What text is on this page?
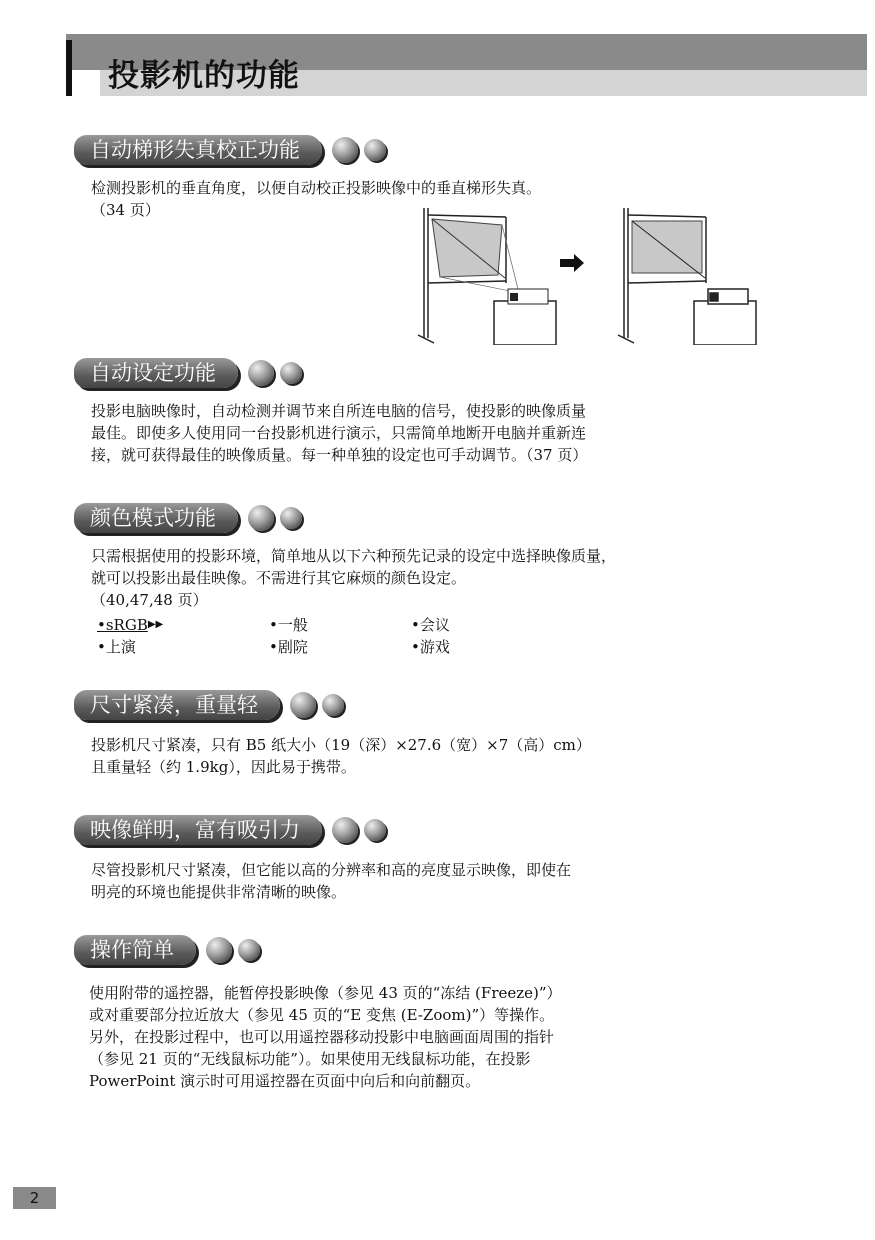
投影机的功能
自动梯形失真校正功能
检测投影机的垂直角度，以便自动校正投影映像中的垂直梯形失真。
（34 页）
自动设定功能
投影电脑映像时，自动检测并调节来自所连电脑的信号，使投影的映像质量
最佳。即使多人使用同一台投影机进行演示，只需简单地断开电脑并重新连
接，就可获得最佳的映像质量。每一种单独的设定也可手动调节。（37 页）
颜色模式功能
只需根据使用的投影环境，简单地从以下六种预先记录的设定中选择映像质量，
就可以投影出最佳映像。不需进行其它麻烦的颜色设定。
（40,47,48 页）
•sRGB▶▶	•一般	•会议
•上演	•剧院	•游戏
尺寸紧凑，重量轻
投影机尺寸紧凑，只有 B5 纸大小（19（深）×27.6（宽）×7（高）cm）
且重量轻（约 1.9kg），因此易于携带。
映像鲜明，富有吸引力
尽管投影机尺寸紧凑，但它能以高的分辨率和高的亮度显示映像，即使在
明亮的环境也能提供非常清晰的映像。
操作简单
使用附带的遥控器，能暂停投影映像（参见 43 页的“冻结 (Freeze)”）
或对重要部分拉近放大（参见 45 页的“E 变焦 (E-Zoom)”）等操作。
另外，在投影过程中，也可以用遥控器移动投影中电脑画面周围的指针
（参见 21 页的“无线鼠标功能”）。如果使用无线鼠标功能，在投影
PowerPoint 演示时可用遥控器在页面中向后和向前翻页。
2
